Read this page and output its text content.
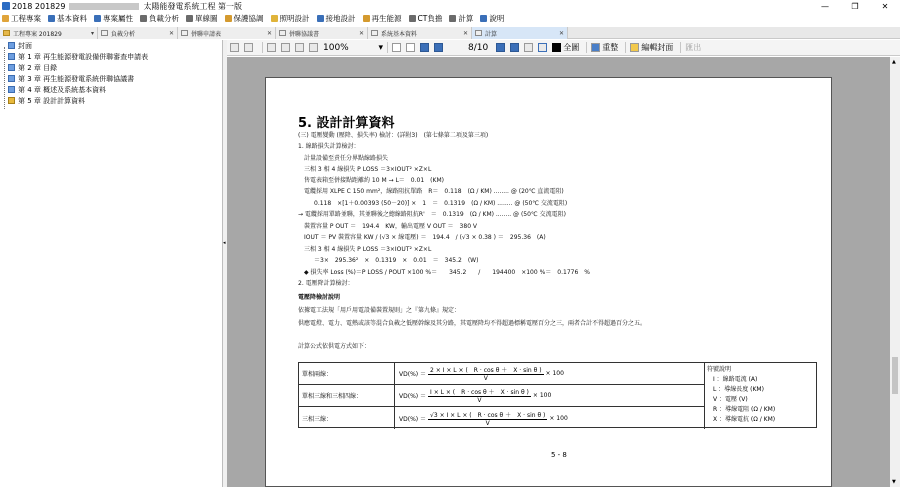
2018 201829	太陽能發電系統工程 第一版	—	❐	✕
工程專案 基本資料 專案屬性 負載分析 單線圖 保護協調 照明設計 接地設計 再生能源 CT負擔 計算 說明
工程專案 201829	▾	負載分析	✕	併聯申請表	✕	併聯協議書	✕	系統基本資料	✕	計算	✕
封面
第 1 章
再生能源發電設備併聯審查申請表
第 2 章
目錄
第 3 章
再生能源發電系統併聯協議書
第 4 章
概述及系統基本資料
第 5 章
設計計算資料
◂
100%	▾	8/10	全圖	重整	編輯封面 匯出
▲
▼
5. 設計計算資料
(三) 電壓變動 (壓降、損失率) 檢討：(詳附3)　(第七條第二項及第三項)
1. 線路損失計算檢討：
計量設備至責任分界點線路損失
三相 3 相 4 線損失 P LOSS ＝3×IOUT² ×Z×L
售電表箱至併接點距離約 10 M → L＝　0.01　(KM)
電纜採用 XLPE C 150 mm²，線路阻抗單路　R＝　0.118　(Ω / KM) ........ @ (20℃ 直流電阻)
0.118　×[1＋0.00393 (50－20)] ×　1　＝　0.1319　(Ω / KM) ........ @ (50℃ 交流電阻)
→ 電纜採用單路並聯，其並聯後之總線路阻抗R'　＝　0.1319　(Ω / KM) ........ @ (50℃ 交流電阻)
裝置容量 P OUT ＝　194.4　KW，輸出電壓 V OUT ＝　380 V
IOUT ＝ PV 裝置容量 KW / (√3 × 線電壓) ＝　194.4　/ (√3 × 0.38 ) ＝　295.36　(A)
三相 3 相 4 線損失 P LOSS ＝3×IOUT² ×Z×L
＝3×　295.36²　×　0.1319　×　0.01　＝　345.2　(W)
◆ 損失率 Loss (%)＝P LOSS / POUT ×100 %＝　　345.2　　/　　194400　×100 %＝　0.1776　%
2. 電壓降計算檢討：
電壓降檢討說明
依據電工法規「用戶用電設備裝置規則」之『第九條』規定：
供應電燈、電力、電熱或該等混合負載之低壓幹線及其分路，其電壓降均不得超過標稱電壓百分之三，兩者合計不得超過百分之五。
計算公式依供電方式如下：
單相兩線：	$VD(\%) = \frac{\text{2 × I × L × (　R · cos θ ＋　X · sin θ )}}{V} \times 100$
單相三線和三相四線：	$VD(\%) = \frac{\text{I × L × (　R · cos θ ＋　X · sin θ )}}{V} \times 100$
三相三線：	$VD(\%) = \frac{\text{√3 × I × L × (　R · cos θ ＋　X · sin θ )}}{V} \times 100$
符號說明
I ：線路電流 (A)
L ：導線長度 (KM)
V ：電壓 (V)
R ：導線電阻 (Ω / KM)
X ：導線電抗 (Ω / KM)
5 - 8
